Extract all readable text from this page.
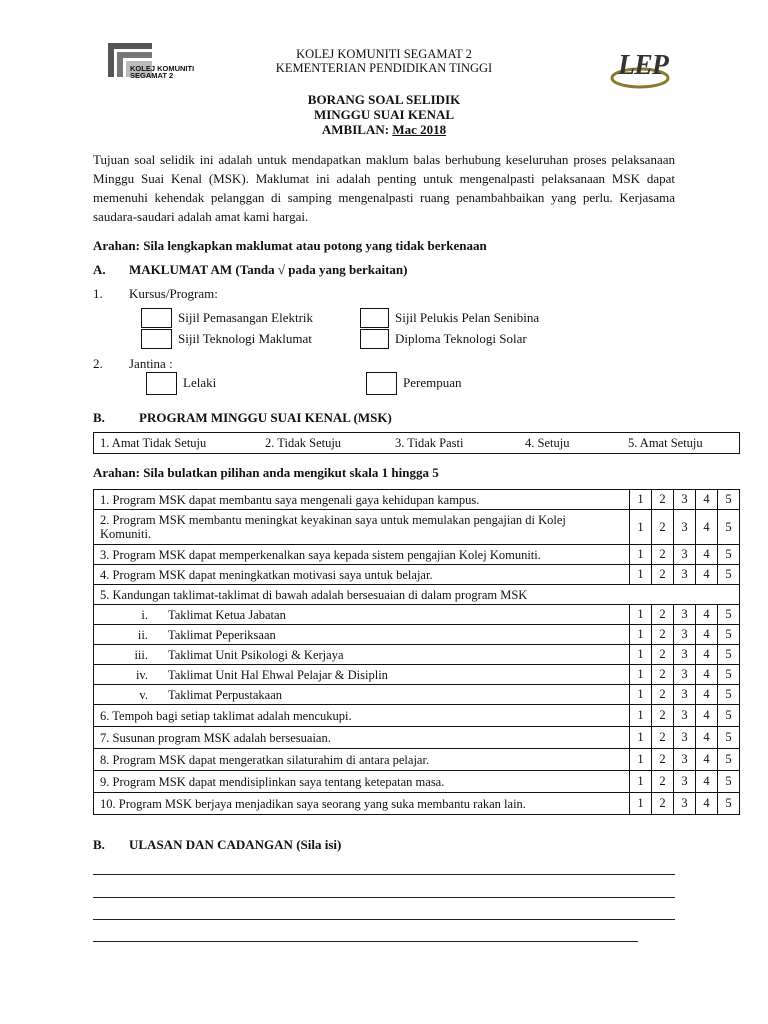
KOLEJ KOMUNITI
SEGAMAT 2	LEP
KOLEJ KOMUNITI SEGAMAT 2
KEMENTERIAN PENDIDIKAN TINGGI
BORANG SOAL SELIDIK
MINGGU SUAI KENAL
AMBILAN: Mac 2018
Tujuan soal selidik ini adalah untuk mendapatkan maklum balas berhubung keseluruhan proses pelaksanaan Minggu Suai Kenal (MSK). Maklumat ini adalah penting untuk mengenalpasti pelaksanaan MSK dapat memenuhi kehendak pelanggan di samping mengenalpasti ruang penambahbaikan yang perlu. Kerjasama saudara-saudari adalah amat kami hargai.
Arahan: Sila lengkapkan maklumat atau potong yang tidak berkenaan
A. MAKLUMAT AM (Tanda √ pada yang berkaitan)
1. Kursus/Program:
Sijil Pemasangan Elektrik	Sijil Pelukis Pelan Senibina
Sijil Teknologi Maklumat	Diploma Teknologi Solar
2. Jantina :
Lelaki	Perempuan
B.	PROGRAM MINGGU SUAI KENAL (MSK)
1. Amat Tidak Setuju	2. Tidak Setuju	3. Tidak Pasti	4. Setuju	5. Amat Setuju
Arahan: Sila bulatkan pilihan anda mengikut skala 1 hingga 5
1. Program MSK dapat membantu saya mengenali gaya kehidupan kampus.	1	2	3	4	5
2. Program MSK membantu meningkat keyakinan saya untuk memulakan pengajian di Kolej Komuniti.	1	2	3	4	5
3. Program MSK dapat memperkenalkan saya kepada sistem pengajian Kolej Komuniti.	1	2	3	4	5
4. Program MSK dapat meningkatkan motivasi saya untuk belajar.	1	2	3	4	5
5. Kandungan taklimat-taklimat di bawah adalah bersesuaian di dalam program MSK					
i. Taklimat Ketua Jabatan	1	2	3	4	5
ii. Taklimat Peperiksaan	1	2	3	4	5
iii. Taklimat Unit Psikologi & Kerjaya	1	2	3	4	5
iv. Taklimat Unit Hal Ehwal Pelajar & Disiplin	1	2	3	4	5
v. Taklimat Perpustakaan	1	2	3	4	5
6. Tempoh bagi setiap taklimat adalah mencukupi.	1	2	3	4	5
7. Susunan program MSK adalah bersesuaian.	1	2	3	4	5
8. Program MSK dapat mengeratkan silaturahim di antara pelajar.	1	2	3	4	5
9. Program MSK dapat mendisiplinkan saya tentang ketepatan masa.	1	2	3	4	5
10. Program MSK berjaya menjadikan saya seorang yang suka membantu rakan lain.	1	2	3	4	5
B. ULASAN DAN CADANGAN (Sila isi)
